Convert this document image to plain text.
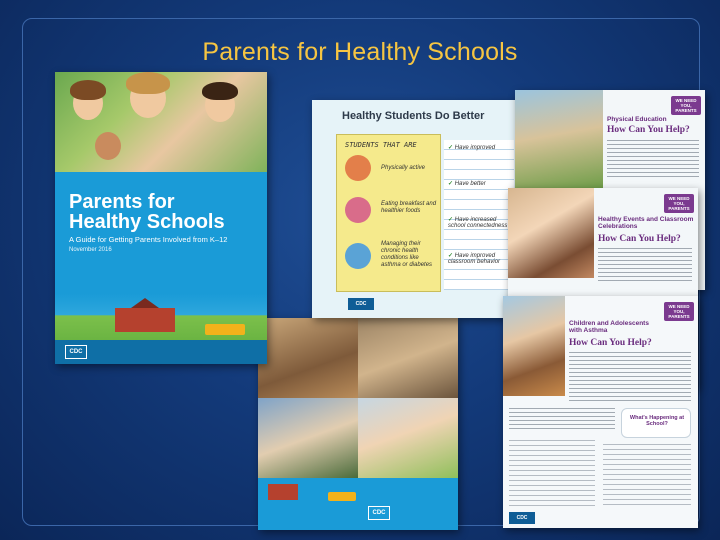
Parents for Healthy Schools
CDC
Parents for
Healthy Schools
A Guide for Getting Parents Involved from K–12
November 2016
CDC
Healthy Students Do Better
STUDENTS THAT ARE
Physically active
Eating breakfast and healthier foods
Managing their chronic health conditions like asthma or diabetes
✓ Have improved
✓ Have better
✓ Have increased school connectedness
✓ Have improved classroom behavior
CDC
WE NEED YOU, PARENTS
Physical Education
How Can You Help?
WE NEED YOU, PARENTS
Healthy Events and Classroom Celebrations
How Can You Help?
WE NEED YOU, PARENTS
Children and Adolescents with Asthma
How Can You Help?
What's Happening at School?
CDC
